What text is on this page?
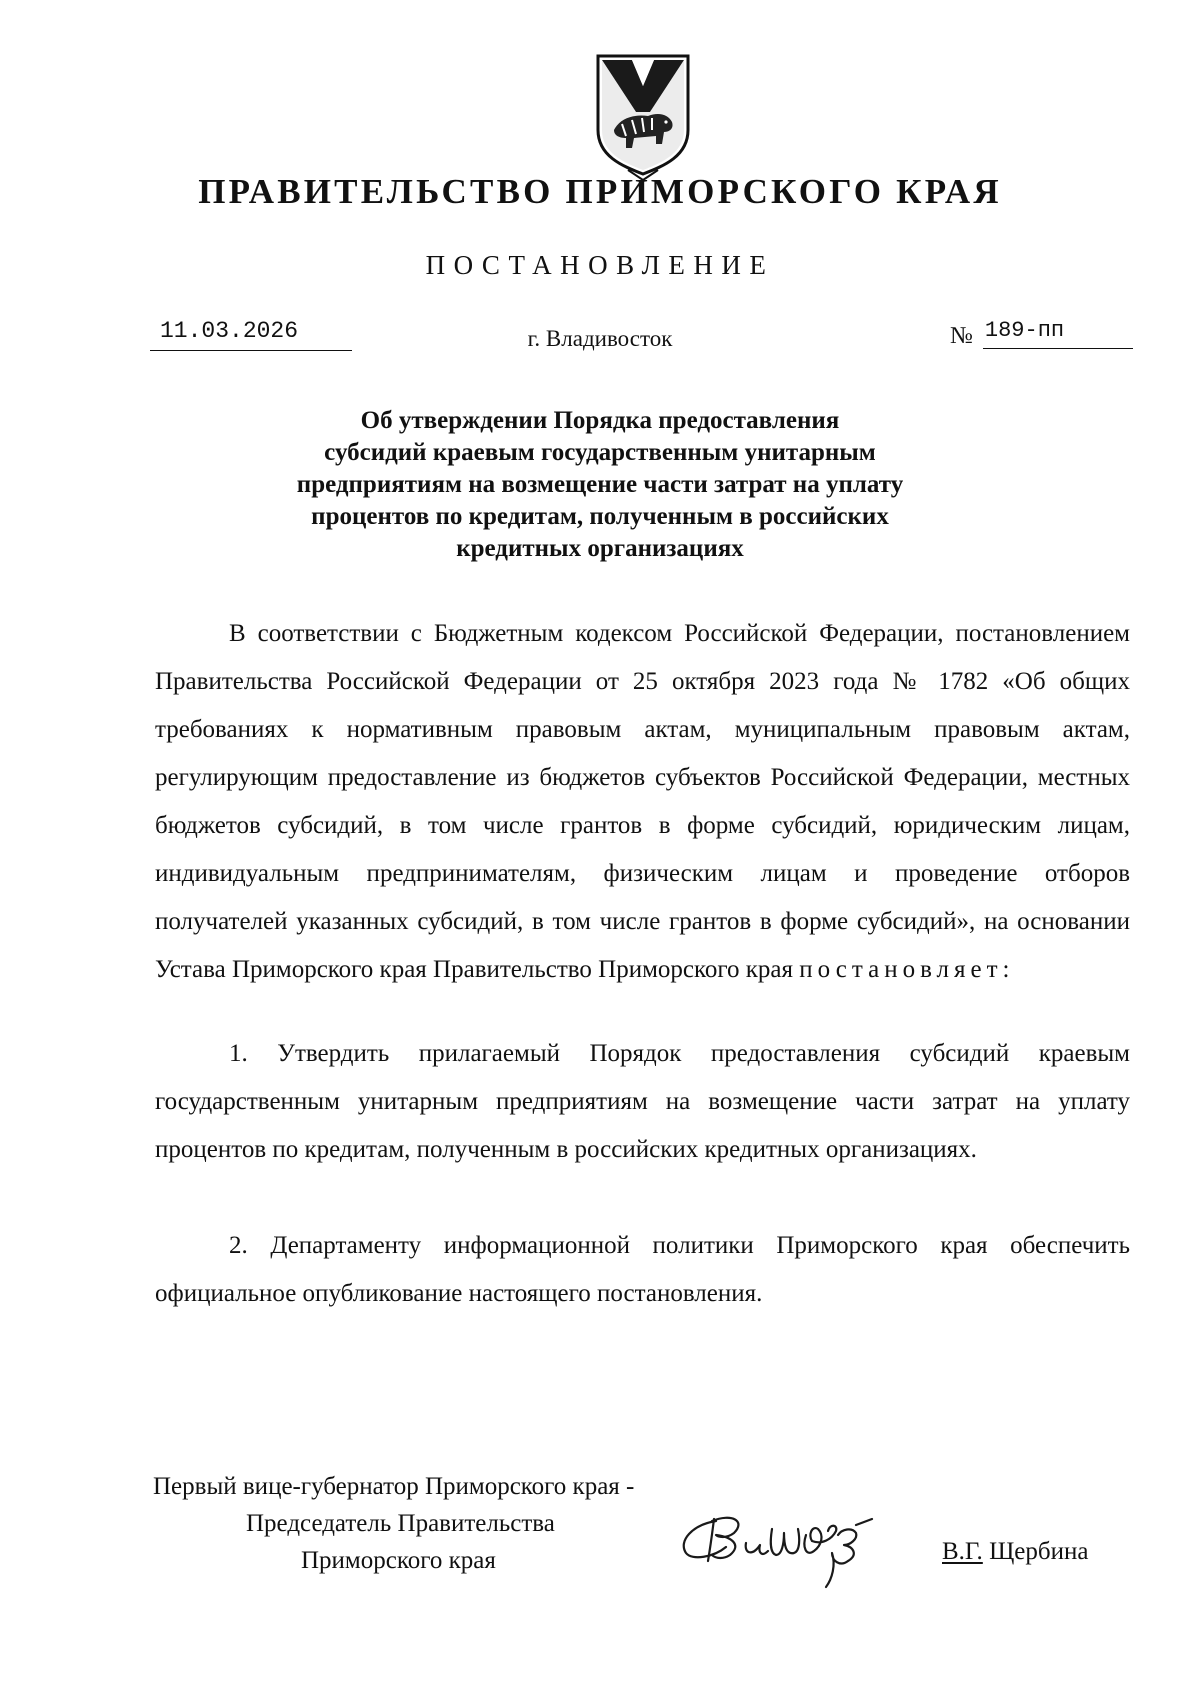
ПРАВИТЕЛЬСТВО ПРИМОРСКОГО КРАЯ
ПОСТАНОВЛЕНИЕ
11.03.2026	г. Владивосток	№ 189-пп
Об утверждении Порядка предоставления
субсидий краевым государственным унитарным
предприятиям на возмещение части затрат на уплату
процентов по кредитам, полученным в российских
кредитных организациях

В соответствии с Бюджетным кодексом Российской Федерации, постановлением Правительства Российской Федерации от 25 октября 2023 года № 1782 «Об общих требованиях к нормативным правовым актам, муниципальным правовым актам, регулирующим предоставление из бюджетов субъектов Российской Федерации, местных бюджетов субсидий, в том числе грантов в форме субсидий, юридическим лицам, индивидуальным предпринимателям, физическим лицам и проведение отборов получателей указанных субсидий, в том числе грантов в форме субсидий», на основании Устава Приморского края Правительство Приморского края постановляет:

1. Утвердить прилагаемый Порядок предоставления субсидий краевым государственным унитарным предприятиям на возмещение части затрат на уплату процентов по кредитам, полученным в российских кредитных организациях.

2. Департаменту информационной политики Приморского края обеспечить официальное опубликование настоящего постановления.

Первый вице-губернатор Приморского края -
Председатель Правительства
Приморского края	В.Г. Щербина
